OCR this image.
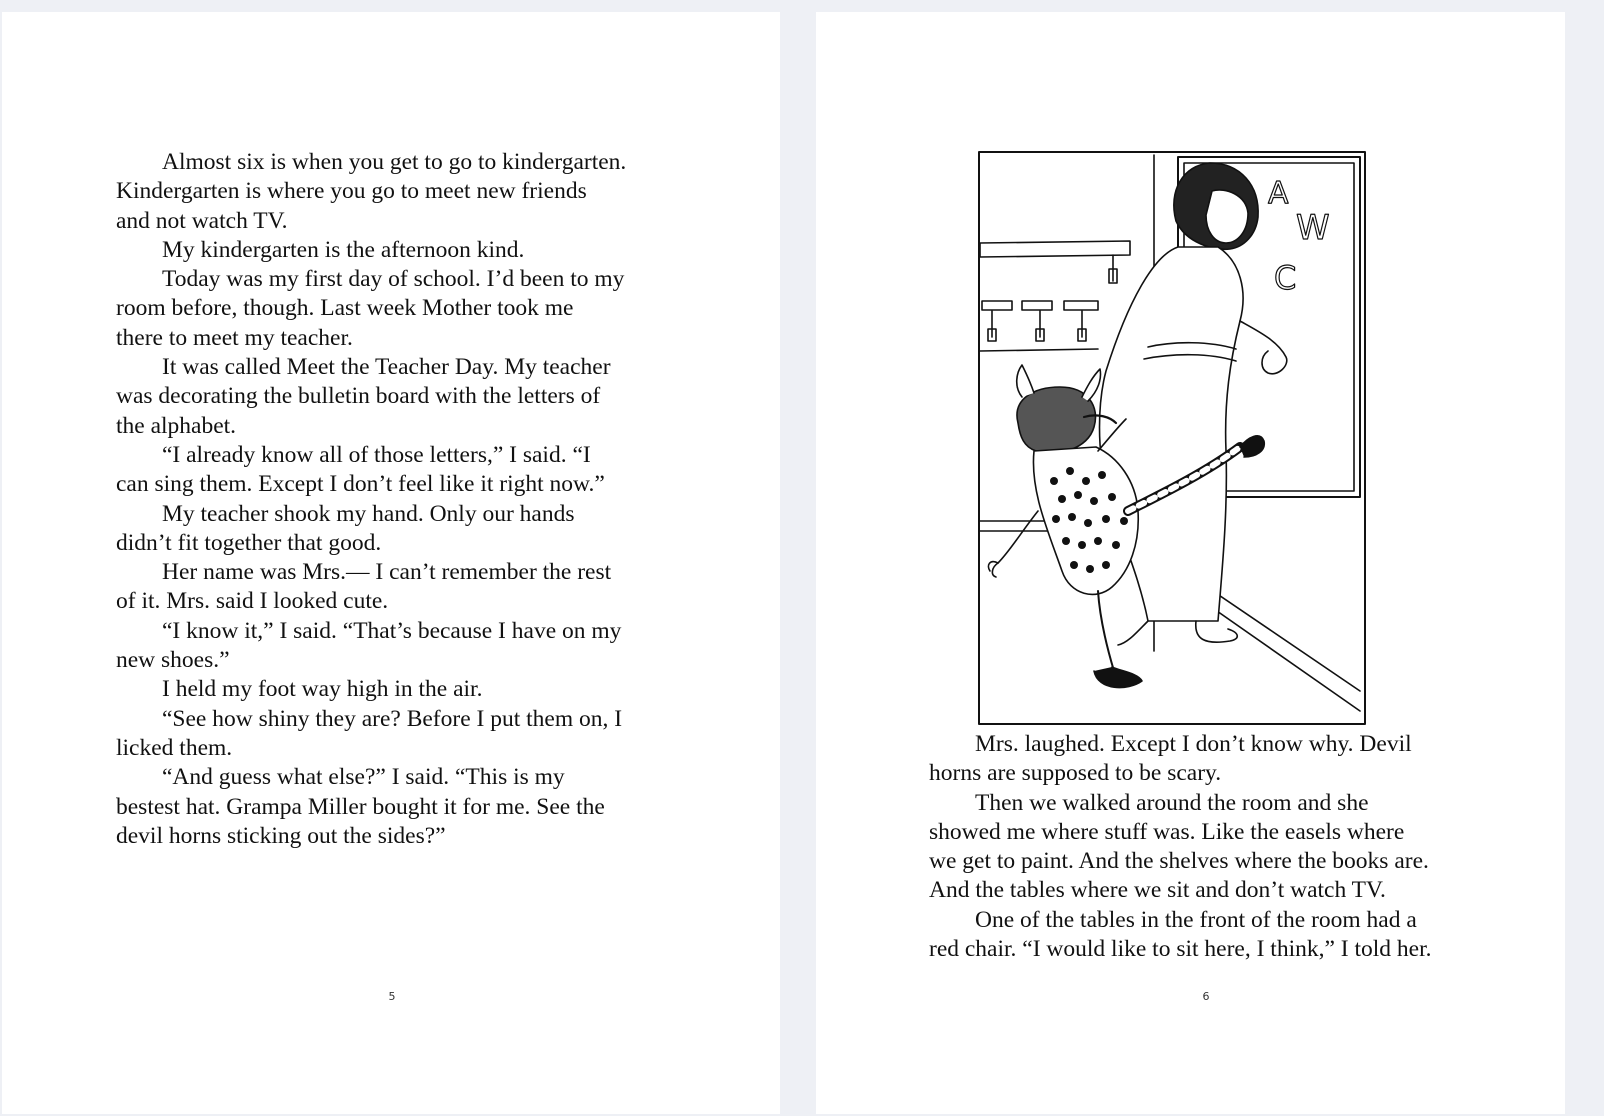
Almost six is when you get to go to kindergarten.
Kindergarten is where you go to meet new friends
and not watch TV.

My kindergarten is the afternoon kind.

Today was my first day of school. I’d been to my
room before, though. Last week Mother took me
there to meet my teacher.

It was called Meet the Teacher Day. My teacher
was decorating the bulletin board with the letters of
the alphabet.

“I already know all of those letters,” I said. “I
can sing them. Except I don’t feel like it right now.”

My teacher shook my hand. Only our hands
didn’t fit together that good.

Her name was Mrs.— I can’t remember the rest
of it. Mrs. said I looked cute.

“I know it,” I said. “That’s because I have on my
new shoes.”

I held my foot way high in the air.

“See how shiny they are? Before I put them on, I
licked them.

“And guess what else?” I said. “This is my
bestest hat. Grampa Miller bought it for me. See the
devil horns sticking out the sides?”

5
A
W
C

Mrs. laughed. Except I don’t know why. Devil
horns are supposed to be scary.

Then we walked around the room and she
showed me where stuff was. Like the easels where
we get to paint. And the shelves where the books are.
And the tables where we sit and don’t watch TV.

One of the tables in the front of the room had a
red chair. “I would like to sit here, I think,” I told her.

6
